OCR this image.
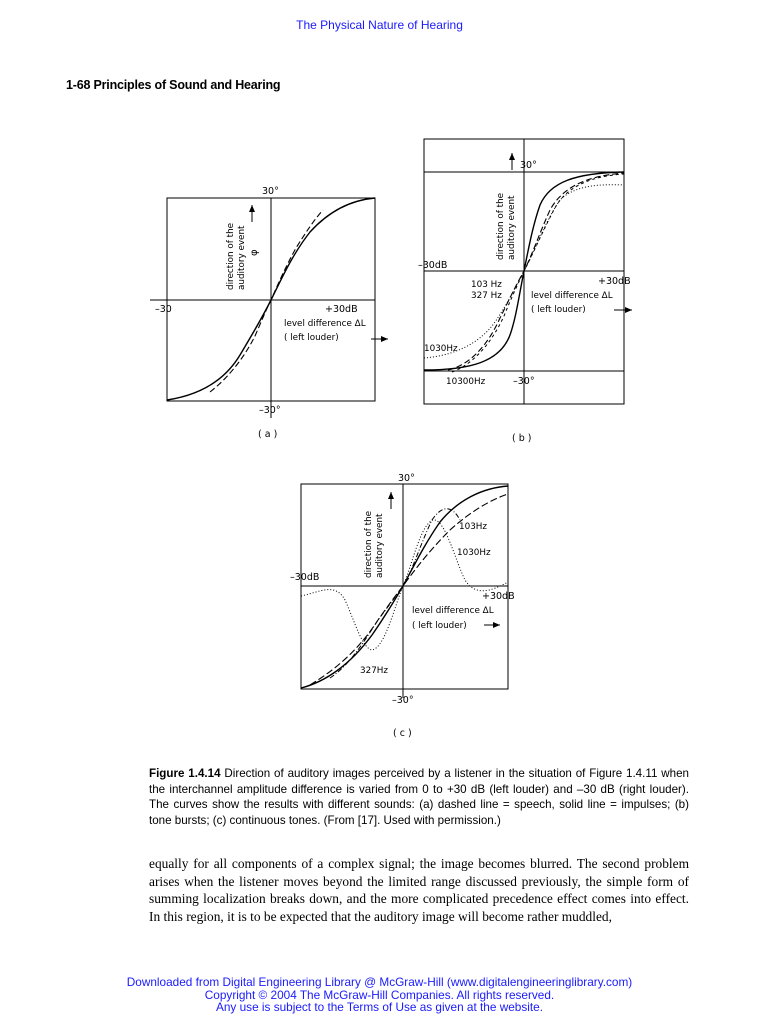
The Physical Nature of Hearing
1-68 Principles of Sound and Hearing
30°
–30°
–30	+30dB
level difference ΔL
( left louder)
direction of the auditory event φ
( a )
30°
–30°
–30dB
+30dB
level difference ΔL
( left louder)
103 Hz
327 Hz
1030Hz
10300Hz
direction of the auditory event
( b )
30°
–30°
–30dB
+30dB
level difference ΔL
( left louder)
103Hz
1030Hz
327Hz
direction of the auditory event
( c )
Figure 1.4.14 Direction of auditory images perceived by a listener in the situation of Figure 1.4.11 when the interchannel amplitude difference is varied from 0 to +30 dB (left louder) and –30 dB (right louder). The curves show the results with different sounds: (a) dashed line = speech, solid line = impulses; (b) tone bursts; (c) continuous tones. (From [17]. Used with permission.)
equally for all components of a complex signal; the image becomes blurred. The second problem arises when the listener moves beyond the limited range discussed previously, the simple form of summing localization breaks down, and the more complicated precedence effect comes into effect. In this region, it is to be expected that the auditory image will become rather muddled,
Downloaded from Digital Engineering Library @ McGraw-Hill (www.digitalengineeringlibrary.com)
Copyright © 2004 The McGraw-Hill Companies. All rights reserved.
Any use is subject to the Terms of Use as given at the website.
